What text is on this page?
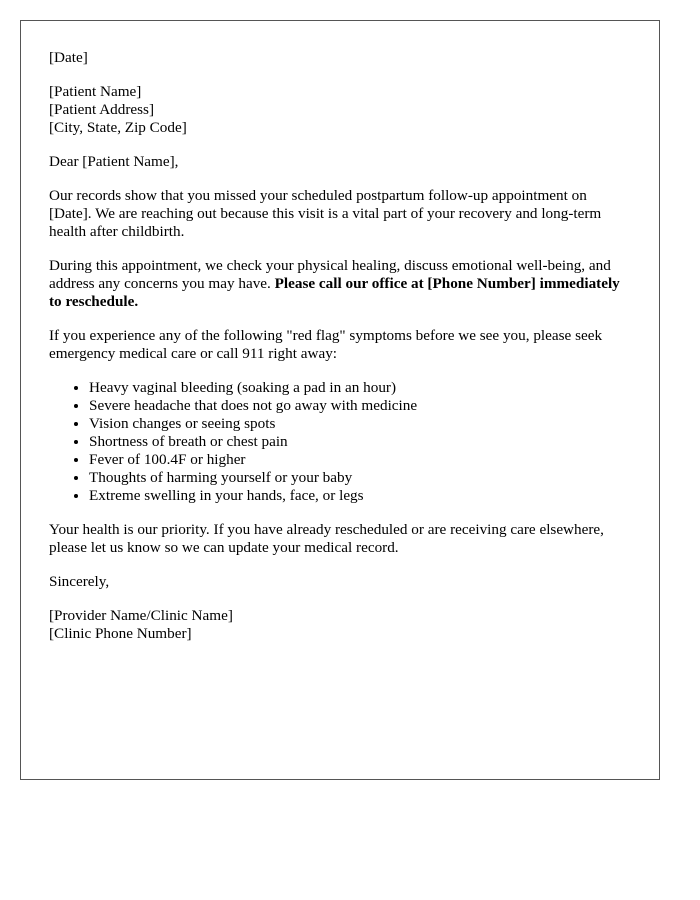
[Date]

[Patient Name]
[Patient Address]
[City, State, Zip Code]

Dear [Patient Name],

Our records show that you missed your scheduled postpartum follow-up appointment on [Date]. We are reaching out because this visit is a vital part of your recovery and long-term health after childbirth.

During this appointment, we check your physical healing, discuss emotional well-being, and address any concerns you may have. Please call our office at [Phone Number] immediately to reschedule.

If you experience any of the following "red flag" symptoms before we see you, please seek emergency medical care or call 911 right away:

• Heavy vaginal bleeding (soaking a pad in an hour)
• Severe headache that does not go away with medicine
• Vision changes or seeing spots
• Shortness of breath or chest pain
• Fever of 100.4F or higher
• Thoughts of harming yourself or your baby
• Extreme swelling in your hands, face, or legs

Your health is our priority. If you have already rescheduled or are receiving care elsewhere, please let us know so we can update your medical record.

Sincerely,

[Provider Name/Clinic Name]
[Clinic Phone Number]
